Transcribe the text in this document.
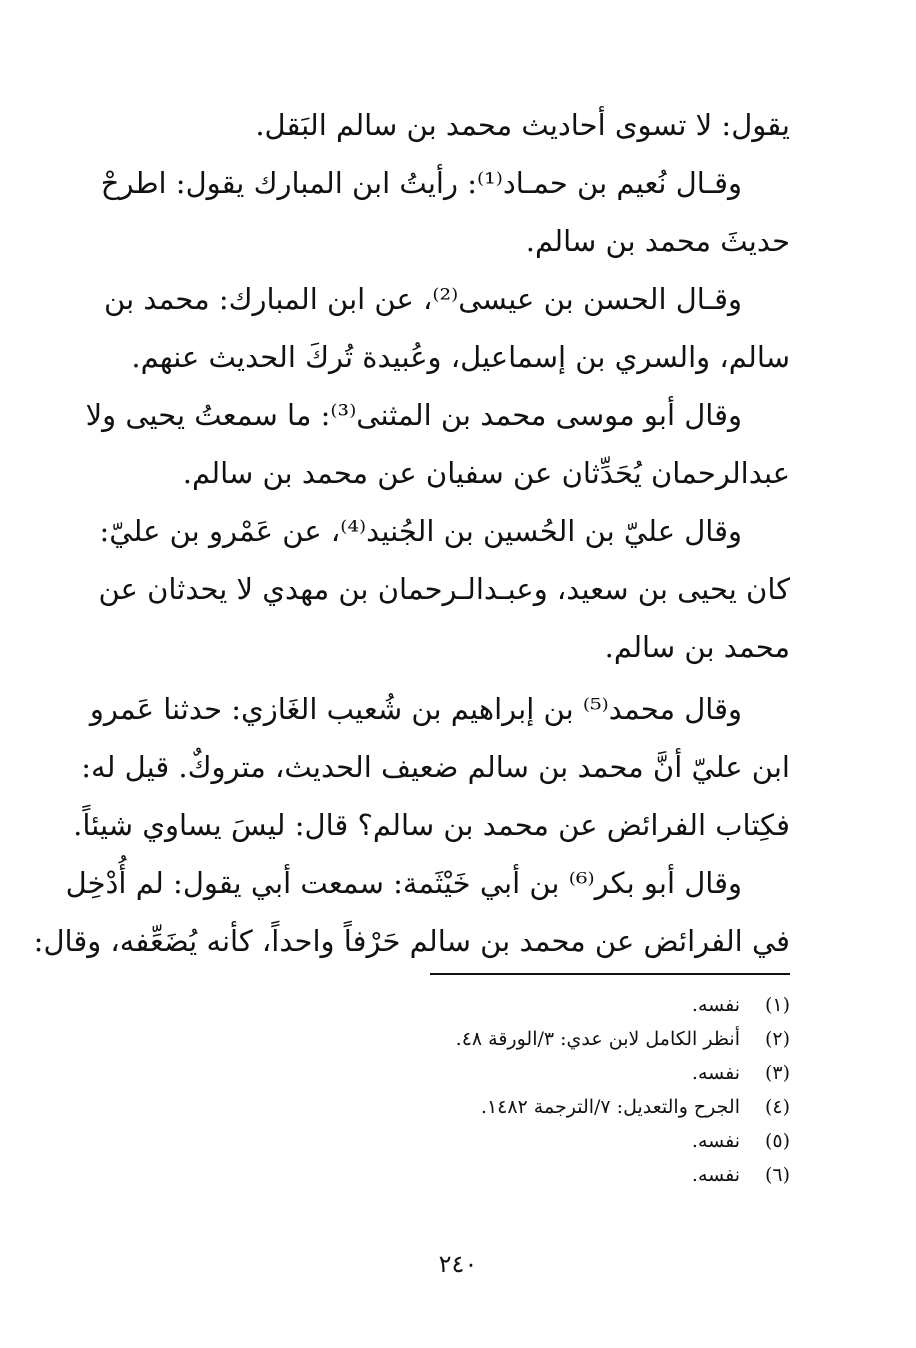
يقول: لا تسوى أحاديث محمد بن سالم البَقل.
وقـال نُعيم بن حمـاد⁽¹⁾: رأيتُ ابن المبارك يقول: اطرحْ
حديثَ محمد بن سالم.
وقـال الحسن بن عيسى⁽²⁾، عن ابن المبارك: محمد بن
سالم، والسري بن إسماعيل، وعُبيدة تُركَ الحديث عنهم.
وقال أبو موسى محمد بن المثنى⁽³⁾: ما سمعتُ يحيى ولا
عبدالرحمان يُحَدِّثان عن سفيان عن محمد بن سالم.
وقال عليّ بن الحُسين بن الجُنيد⁽⁴⁾، عن عَمْرو بن عليّ:
كان يحيى بن سعيد، وعبـدالـرحمان بن مهدي لا يحدثان عن
محمد بن سالم.
وقال محمد⁽⁵⁾ بن إبراهيم بن شُعيب الغَازي: حدثنا عَمرو
ابن عليّ أنَّ محمد بن سالم ضعيف الحديث، متروكٌ. قيل له:
فكِتاب الفرائض عن محمد بن سالم؟ قال: ليسَ يساوي شيئاً.
وقال أبو بكر⁽⁶⁾ بن أبي خَيْثَمة: سمعت أبي يقول: لم أُدْخِل
في الفرائض عن محمد بن سالم حَرْفاً واحداً، كأنه يُضَعِّفه، وقال:
(١)نفسه.
(٢)أنظر الكامل لابن عدي: ٣/الورقة ٤٨.
(٣)نفسه.
(٤)الجرح والتعديل: ٧/الترجمة ١٤٨٢.
(٥)نفسه.
(٦)نفسه.
٢٤٠
